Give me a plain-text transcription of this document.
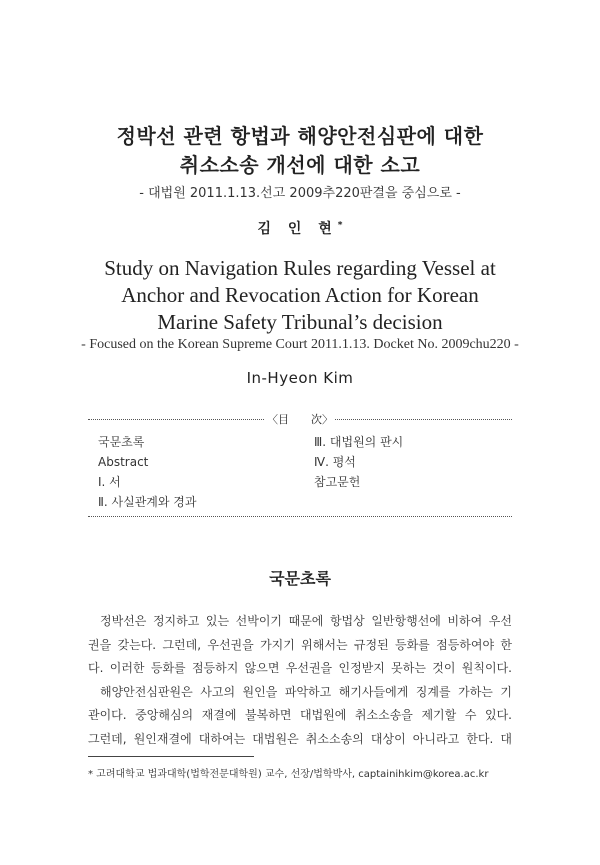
정박선 관련 항법과 해양안전심판에 대한
취소소송 개선에 대한 소고
- 대법원 2011.1.13.선고 2009추220판결을 중심으로 -
김 인 현*
Study on Navigation Rules regarding Vessel at
Anchor and Revocation Action for Korean
Marine Safety Tribunal’s decision
- Focused on the Korean Supreme Court 2011.1.13. Docket No. 2009chu220 -
In-Hyeon Kim
〈目　　次〉
국문초록
Abstract
Ⅰ. 서
Ⅱ. 사실관계와 경과
Ⅲ. 대법원의 판시
Ⅳ. 평석
참고문헌
국문초록
정박선은 정지하고 있는 선박이기 때문에 항법상 일반항행선에 비하여 우선
권을 갖는다. 그런데, 우선권을 가지기 위해서는 규정된 등화를 점등하여야 한
다. 이러한 등화를 점등하지 않으면 우선권을 인정받지 못하는 것이 원칙이다.
해양안전심판원은 사고의 원인을 파악하고 해기사들에게 징계를 가하는 기
관이다. 중앙해심의 재결에 불복하면 대법원에 취소소송을 제기할 수 있다.
그런데, 원인재결에 대하여는 대법원은 취소소송의 대상이 아니라고 한다. 대
* 고려대학교 법과대학(법학전문대학원) 교수, 선장/법학박사, captainihkim@korea.ac.kr
